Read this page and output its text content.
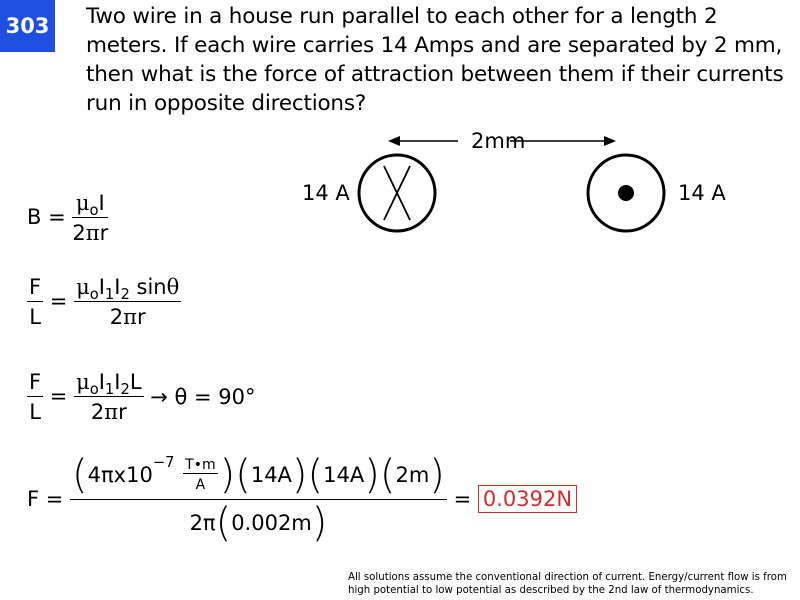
303 Two wire in a house run parallel to each other for a length 2 meters. If each wire carries 14 Amps and are separated by 2 mm, then what is the force of attraction between them if their currents run in opposite directions?
2mm
14 A	14 A
$B = \frac{\mu_oI}{2\pi r}$
$\frac{F}{L} = \frac{\mu_oI_1I_2 \sin\theta}{2\pi r}$
$\frac{F}{L} = \frac{\mu_oI_1I_2L}{2\pi r} \to \theta = 90^\circ$
$F = \frac{(4\pi x10^{-7} \frac{T•m}{A} )(14A)(14A)(2m)}{2\pi(0.002m)} = 0.0392N$
All solutions assume the conventional direction of current. Energy/current flow is from high potential to low potential as described by the 2nd law of thermodynamics.
